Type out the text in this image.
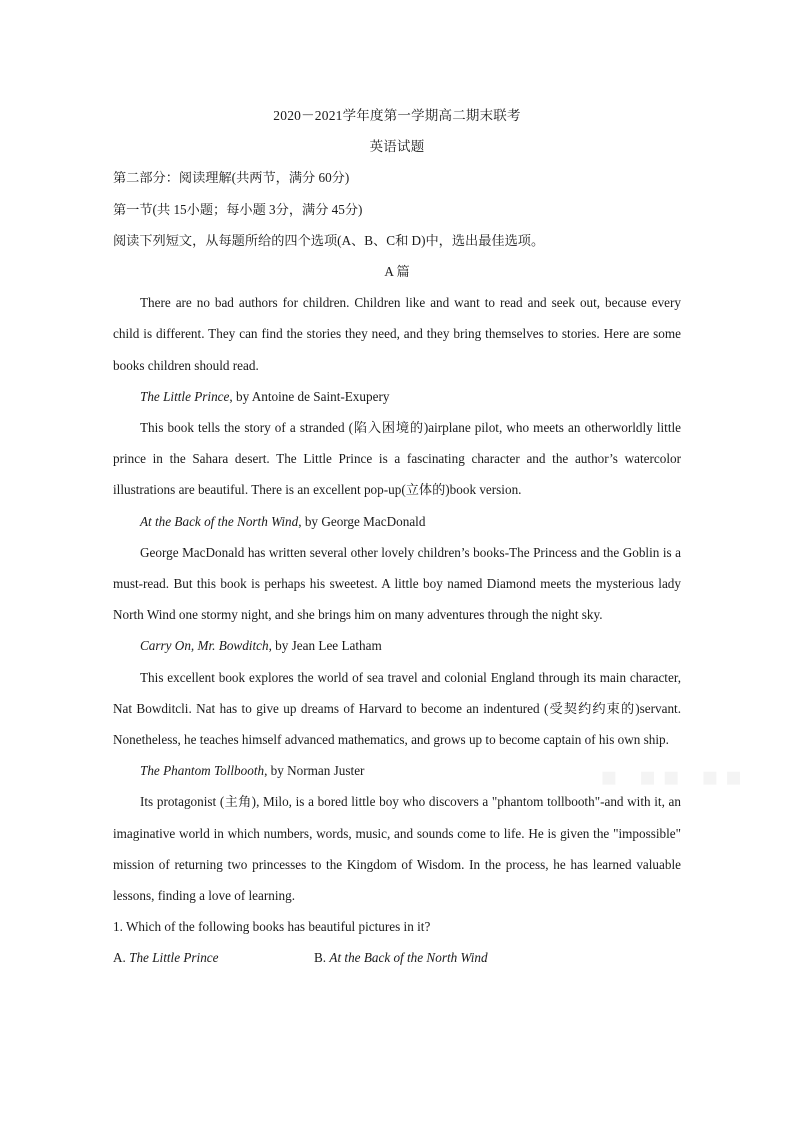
2020－2021学年度第一学期高二期末联考
英语试题
第二部分：阅读理解(共两节，满分 60分)
第一节(共 15小题；每小题 3分，满分 45分)
阅读下列短文，从每题所给的四个选项(A、B、C和 D)中，选出最佳选项。
A 篇
There are no bad authors for children. Children like and want to read and seek out, because every child is different. They can find the stories they need, and they bring themselves to stories. Here are some books children should read.
The Little Prince, by Antoine de Saint-Exupery
This book tells the story of a stranded (陷入困境的)airplane pilot, who meets an otherworldly little prince in the Sahara desert. The Little Prince is a fascinating character and the author’s watercolor illustrations are beautiful. There is an excellent pop-up(立体的)book version.
At the Back of the North Wind, by George MacDonald
George MacDonald has written several other lovely children’s books-The Princess and the Goblin is a must-read. But this book is perhaps his sweetest. A little boy named Diamond meets the mysterious lady North Wind one stormy night, and she brings him on many adventures through the night sky.
Carry On, Mr. Bowditch, by Jean Lee Latham
This excellent book explores the world of sea travel and colonial England through its main character, Nat Bowditcli. Nat has to give up dreams of Harvard to become an indentured (受契约约束的)servant. Nonetheless, he teaches himself advanced mathematics, and grows up to become captain of his own ship.
The Phantom Tollbooth, by Norman Juster
Its protagonist (主角), Milo, is a bored little boy who discovers a "phantom tollbooth"-and with it, an imaginative world in which numbers, words, music, and sounds come to life. He is given the "impossible" mission of returning two princesses to the Kingdom of Wisdom. In the process, he has learned valuable lessons, finding a love of learning.
1. Which of the following books has beautiful pictures in it?
A. The Little Prince	B. At the Back of the North Wind
▪ ▪▪ ▪▪
